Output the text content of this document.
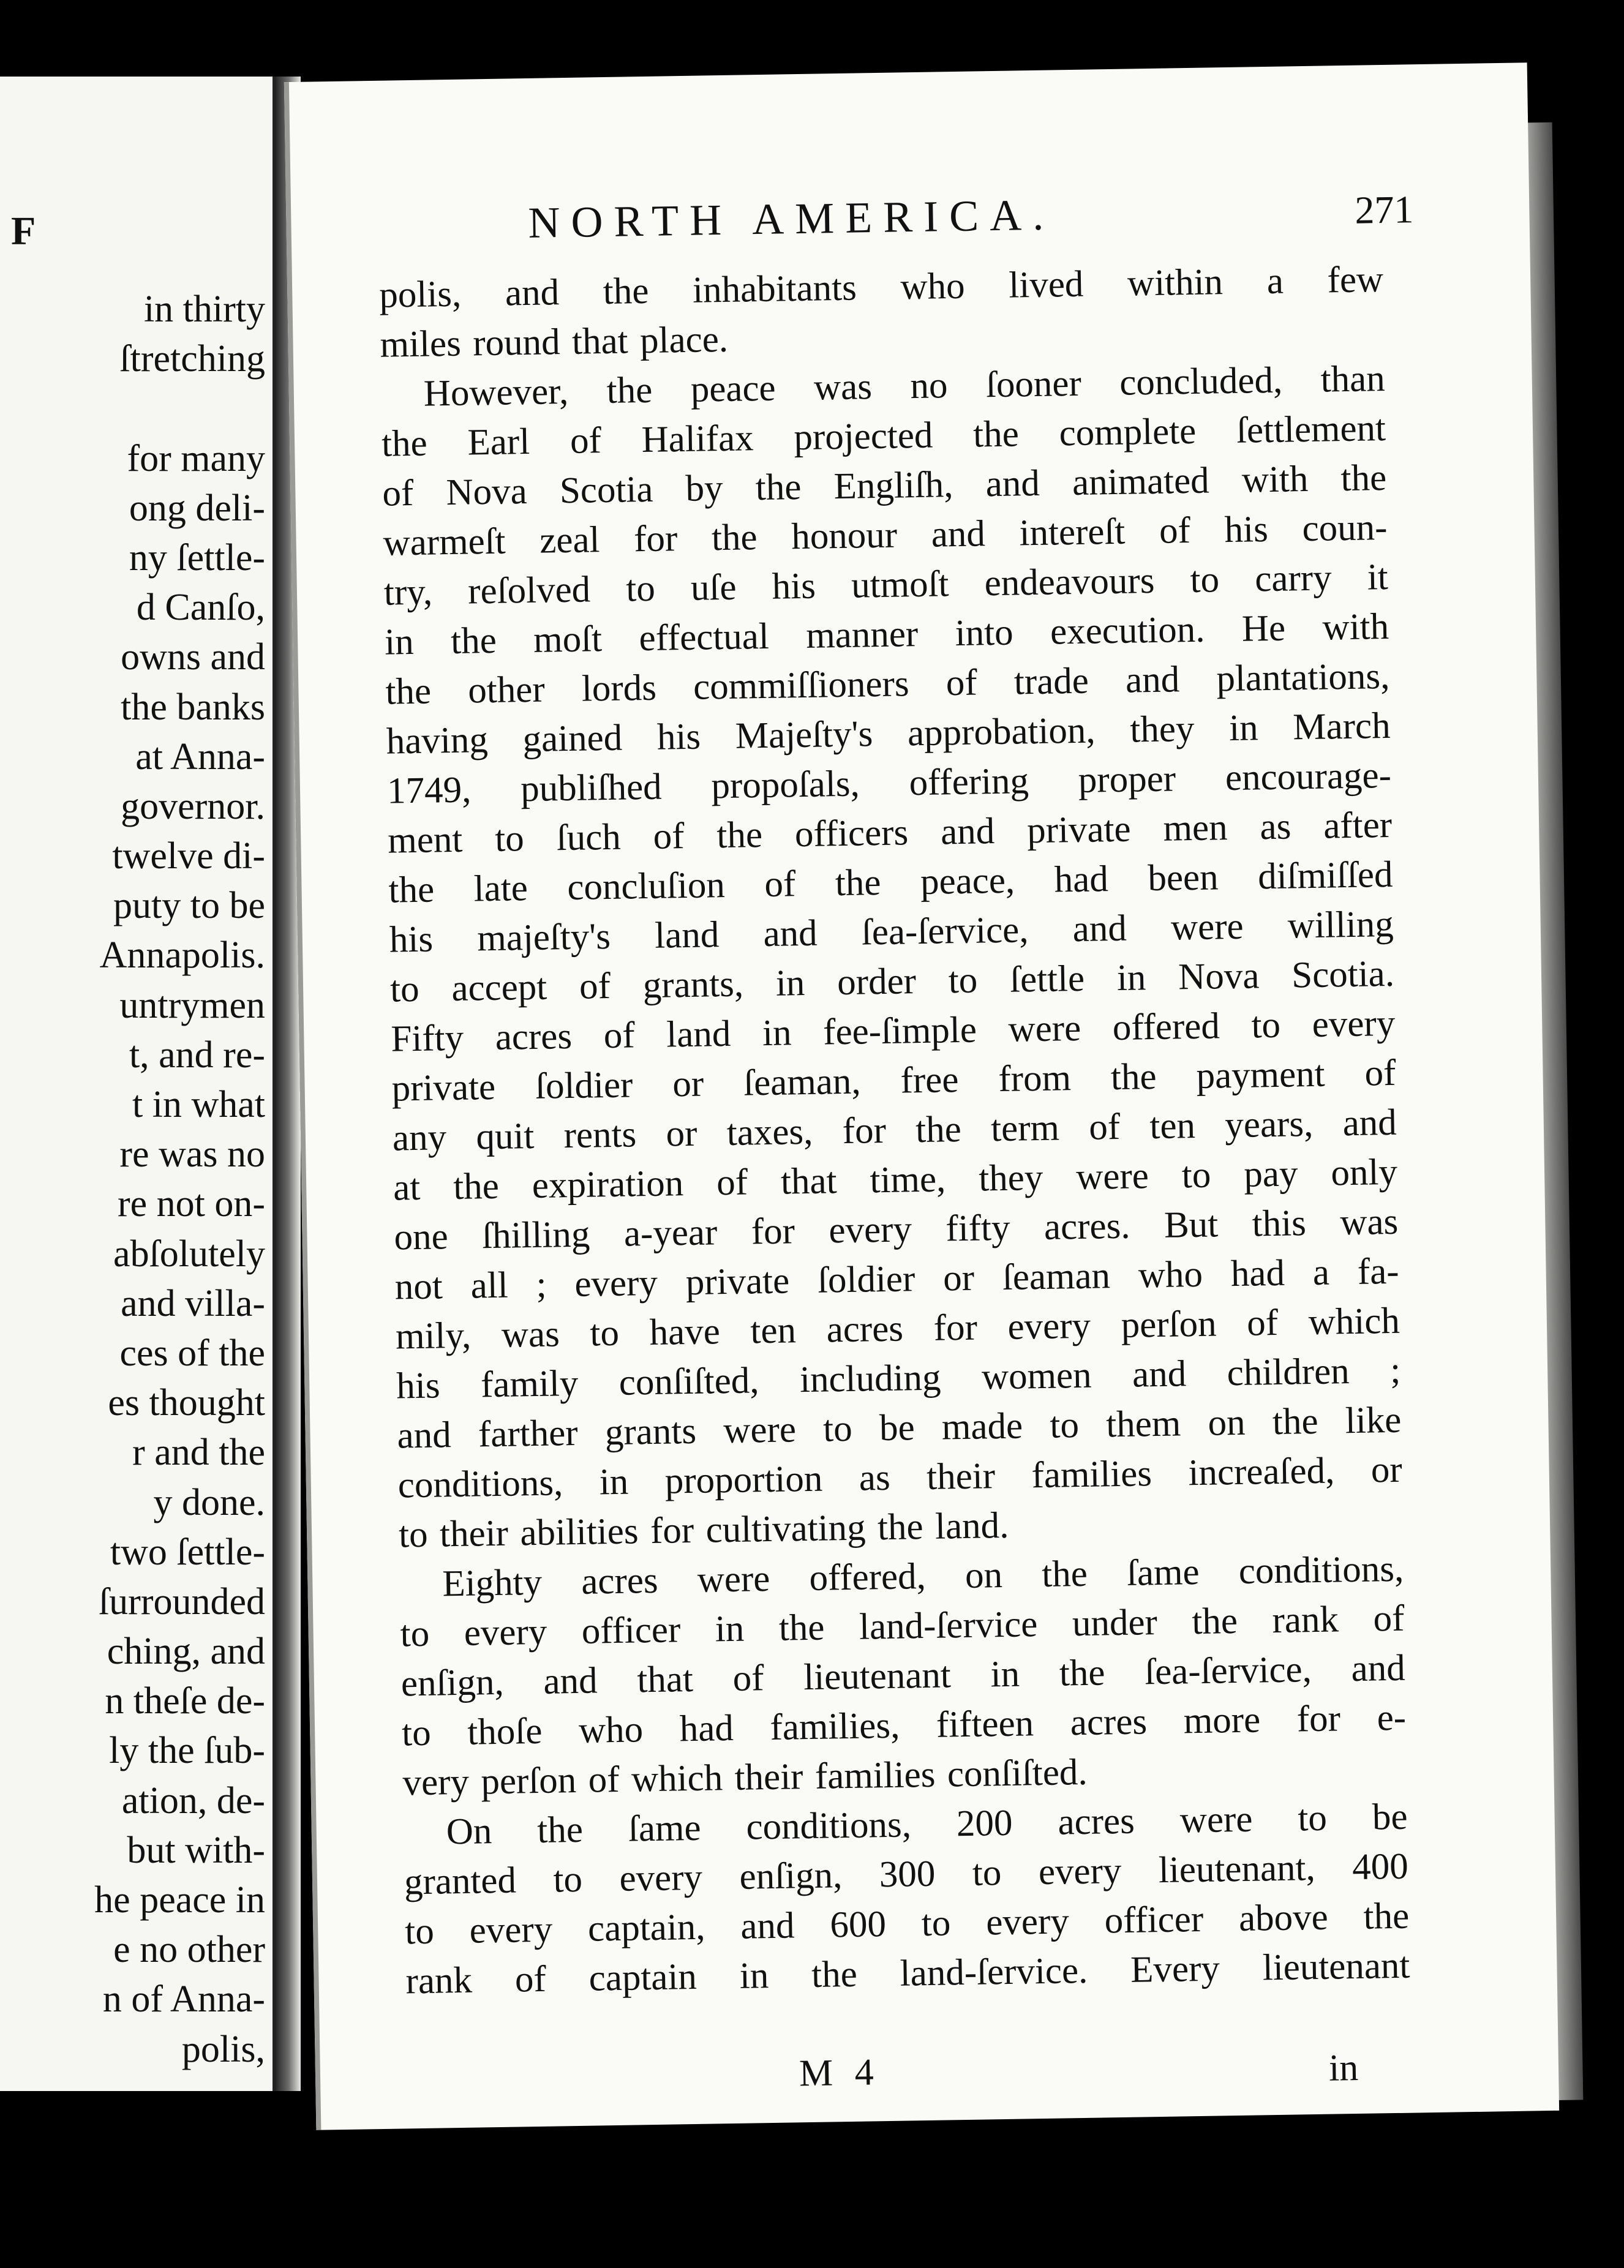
F
in thirty
ſtretching
for many
ong deli-
ny ſettle-
d Canſo,
owns and
the banks
at Anna-
governor.
twelve di-
puty to be
Annapolis.
untrymen
t, and re-
t in what
re was no
re not on-
abſolutely
and villa-
ces of the
es thought
r and the
y done.
two ſettle-
ſurrounded
ching, and
n theſe de-
ly the ſub-
ation, de-
but with-
he peace in
e no other
n of Anna-
polis,
NORTH AMERICA.	271
polis, and the inhabitants who lived within a few
miles round that place.
However, the peace was no ſooner concluded, than
the Earl of Halifax projected the complete ſettlement
of Nova Scotia by the Engliſh, and animated with the
warmeſt zeal for the honour and intereſt of his coun-
try, reſolved to uſe his utmoſt endeavours to carry it
in the moſt effectual manner into execution. He with
the other lords commiſſioners of trade and plantations,
having gained his Majeſty's approbation, they in March
1749, publiſhed propoſals, offering proper encourage-
ment to ſuch of the officers and private men as after
the late concluſion of the peace, had been diſmiſſed
his majeſty's land and ſea-ſervice, and were willing
to accept of grants, in order to ſettle in Nova Scotia.
Fifty acres of land in fee-ſimple were offered to every
private ſoldier or ſeaman, free from the payment of
any quit rents or taxes, for the term of ten years, and
at the expiration of that time, they were to pay only
one ſhilling a-year for every fifty acres. But this was
not all ; every private ſoldier or ſeaman who had a fa-
mily, was to have ten acres for every perſon of which
his family conſiſted, including women and children ;
and farther grants were to be made to them on the like
conditions, in proportion as their families increaſed, or
to their abilities for cultivating the land.
Eighty acres were offered, on the ſame conditions,
to every officer in the land-ſervice under the rank of
enſign, and that of lieutenant in the ſea-ſervice, and
to thoſe who had families, fifteen acres more for e-
very perſon of which their families conſiſted.
On the ſame conditions, 200 acres were to be
granted to every enſign, 300 to every lieutenant, 400
to every captain, and 600 to every officer above the
rank of captain in the land-ſervice. Every lieutenant
M 4	in
